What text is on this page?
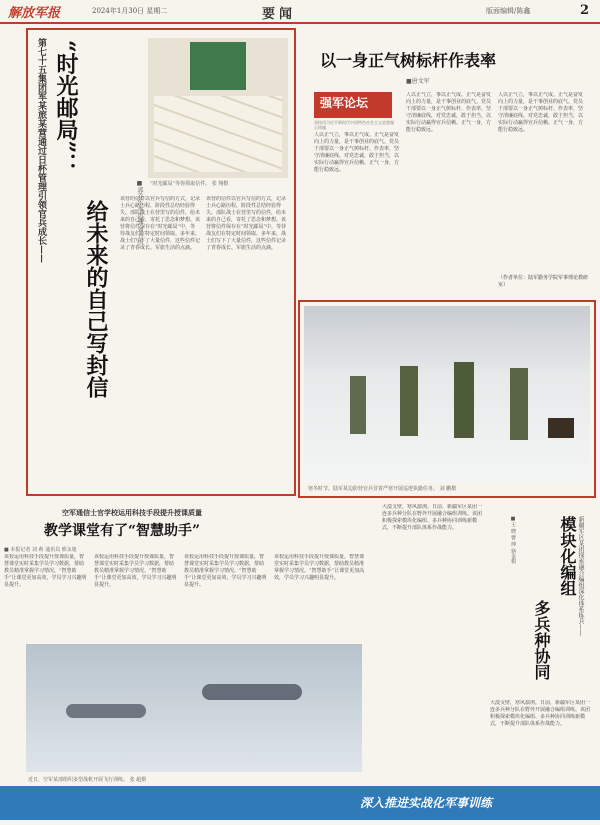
解放军报	2024年1月30日 星期二	要闻	版面编辑/陈鑫	2
第七十五集团军某旅某营通过日杯管理引领官兵成长—— “时光邮局”：
给未来的自己写封信	■郭乔乐 李思强 刘力杰 “时光邮局”等你领取信件。 张 翔摄
该营的信件以官兵写信的方式，记录士兵心路历程，阶段性总结经验得失。部队战士在营里写的信件，给未来的自己看，寄托了思念和梦想。该营将信件保存在“时光邮局”中，等待战友们在特定时间领取。多年来，战士们写下了大量信件，这些信件记录了青春成长、军旅生活的点滴。
该营的信件以官兵写信的方式，记录士兵心路历程，阶段性总结经验得失。部队战士在营里写的信件，给未来的自己看，寄托了思念和梦想。该营将信件保存在“时光邮局”中，等待战友们在特定时间领取。多年来，战士们写下了大量信件，这些信件记录了青春成长、军旅生活的点滴。
以一身正气树标杆作表率
■唐文军
强军论坛
坚持用习近平新时代中国特色社会主义思想凝心铸魂
人以正气立，事以正气成。正气是奋发向上的力量，是干事创业的底气。党员干部要以一身正气树标杆、作表率，坚守清廉底线，对党忠诚，敢于担当，以实际行动赢得官兵信赖。正气一身，方能行稳致远。
人以正气立，事以正气成。正气是奋发向上的力量，是干事创业的底气。党员干部要以一身正气树标杆、作表率，坚守清廉底线，对党忠诚，敢于担当，以实际行动赢得官兵信赖。正气一身，方能行稳致远。
人以正气立，事以正气成。正气是奋发向上的力量，是干事创业的底气。党员干部要以一身正气树标杆、作表率，坚守清廉底线，对党忠诚，敢于担当，以实际行动赢得官兵信赖。正气一身，方能行稳致远。
（作者单位：陆军勤务学院军事理论教研室）
寒冬时节，陆军某边防营官兵冒着严寒开展巡逻执勤任务。 刘 鹏摄
空军通信士官学校运用科技手段提升授课质量
教学课堂有了“智慧助手”
■ 本报记者 刘 莉 通讯员 邢永旭
该校运用科技手段提升授课质量，智慧课堂实时采集学员学习数据，帮助教员精准掌握学习情况。“智慧助手”让课堂更加高效，学员学习兴趣明显提升。
该校运用科技手段提升授课质量，智慧课堂实时采集学员学习数据，帮助教员精准掌握学习情况。“智慧助手”让课堂更加高效，学员学习兴趣明显提升。
该校运用科技手段提升授课质量，智慧课堂实时采集学员学习数据，帮助教员精准掌握学习情况。“智慧助手”让课堂更加高效，学员学习兴趣明显提升。
该校运用科技手段提升授课质量，智慧课堂实时采集学员学习数据，帮助教员精准掌握学习情况。“智慧助手”让课堂更加高效，学员学习兴趣明显提升。
近日，空军某部组织多型战机开展飞行训练。 张 超摄
大漠戈壁，寒风凛冽。日前，新疆军区某团一连多兵种分队在野外开展融合编组训练。该团积极探索模块化编组、多兵种协同训练新模式，不断提升部队体系作战能力。	模块化编组
多兵种协同
新疆军区某团探索融合编组深化体系练兵——
■王 晓 曹 坤 骆金根
大漠戈壁，寒风凛冽。日前，新疆军区某团一连多兵种分队在野外开展融合编组训练。该团积极探索模块化编组、多兵种协同训练新模式，不断提升部队体系作战能力。
深入推进实战化军事训练
